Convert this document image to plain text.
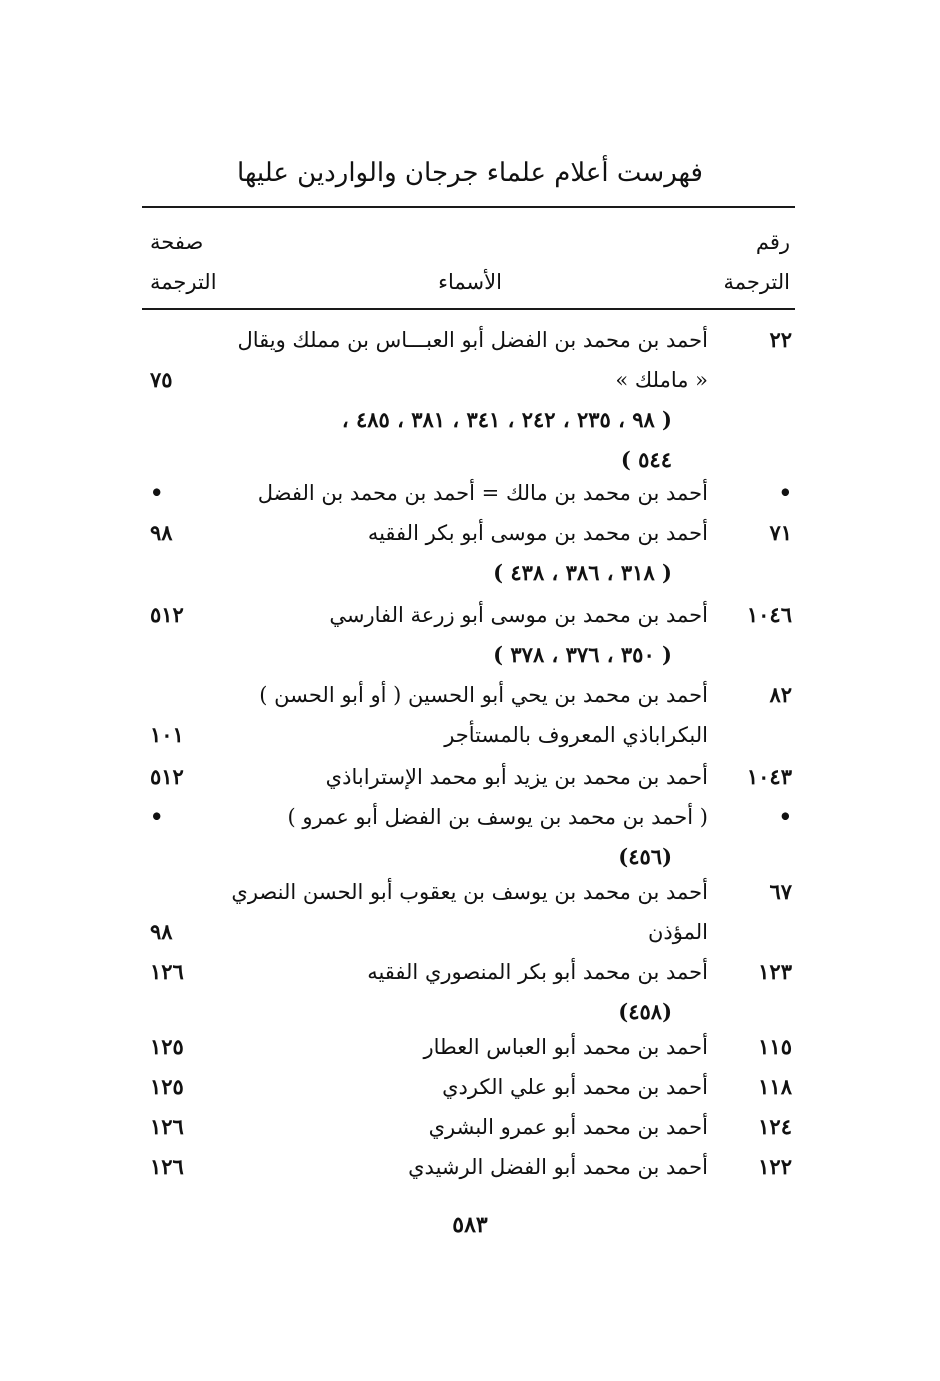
فهرست أعلام علماء جرجان والواردين عليها
رقم
الترجمة
الأسماء
صفحة
الترجمة
٢٢
أحمد بن محمد بن الفضل أبو العبـــاس بن مملك ويقال
« ماملك »
( ٩٨ ، ٢٣٥ ، ٢٤٢ ، ٣٤١ ، ٣٨١ ، ٤٨٥ ،
٥٤٤ )
٧٥
•
أحمد بن محمد بن مالك = أحمد بن محمد بن الفضل
•
٧١
أحمد بن محمد بن موسى أبو بكر الفقيه
( ٣١٨ ، ٣٨٦ ، ٤٣٨ )
٩٨
١٠٤٦
أحمد بن محمد بن موسى أبو زرعة الفارسي
( ٣٥٠ ، ٣٧٦ ، ٣٧٨ )
٥١٢
٨٢
أحمد بن محمد بن يحي أبو الحسين ( أو أبو الحسن )
البكراباذي المعروف بالمستأجر
١٠١
١٠٤٣
أحمد بن محمد بن يزيد أبو محمد الإستراباذي
٥١٢
•
( أحمد بن محمد بن يوسف بن الفضل أبو عمرو )
(٤٥٦)
•
٦٧
أحمد بن محمد بن يوسف بن يعقوب أبو الحسن النصري
المؤذن
٩٨
١٢٣
أحمد بن محمد أبو بكر المنصوري الفقيه
(٤٥٨)
١٢٦
١١٥
أحمد بن محمد أبو العباس العطار
١٢٥
١١٨
أحمد بن محمد أبو علي الكردي
١٢٥
١٢٤
أحمد بن محمد أبو عمرو البشري
١٢٦
١٢٢
أحمد بن محمد أبو الفضل الرشيدي
١٢٦
٥٨٣
